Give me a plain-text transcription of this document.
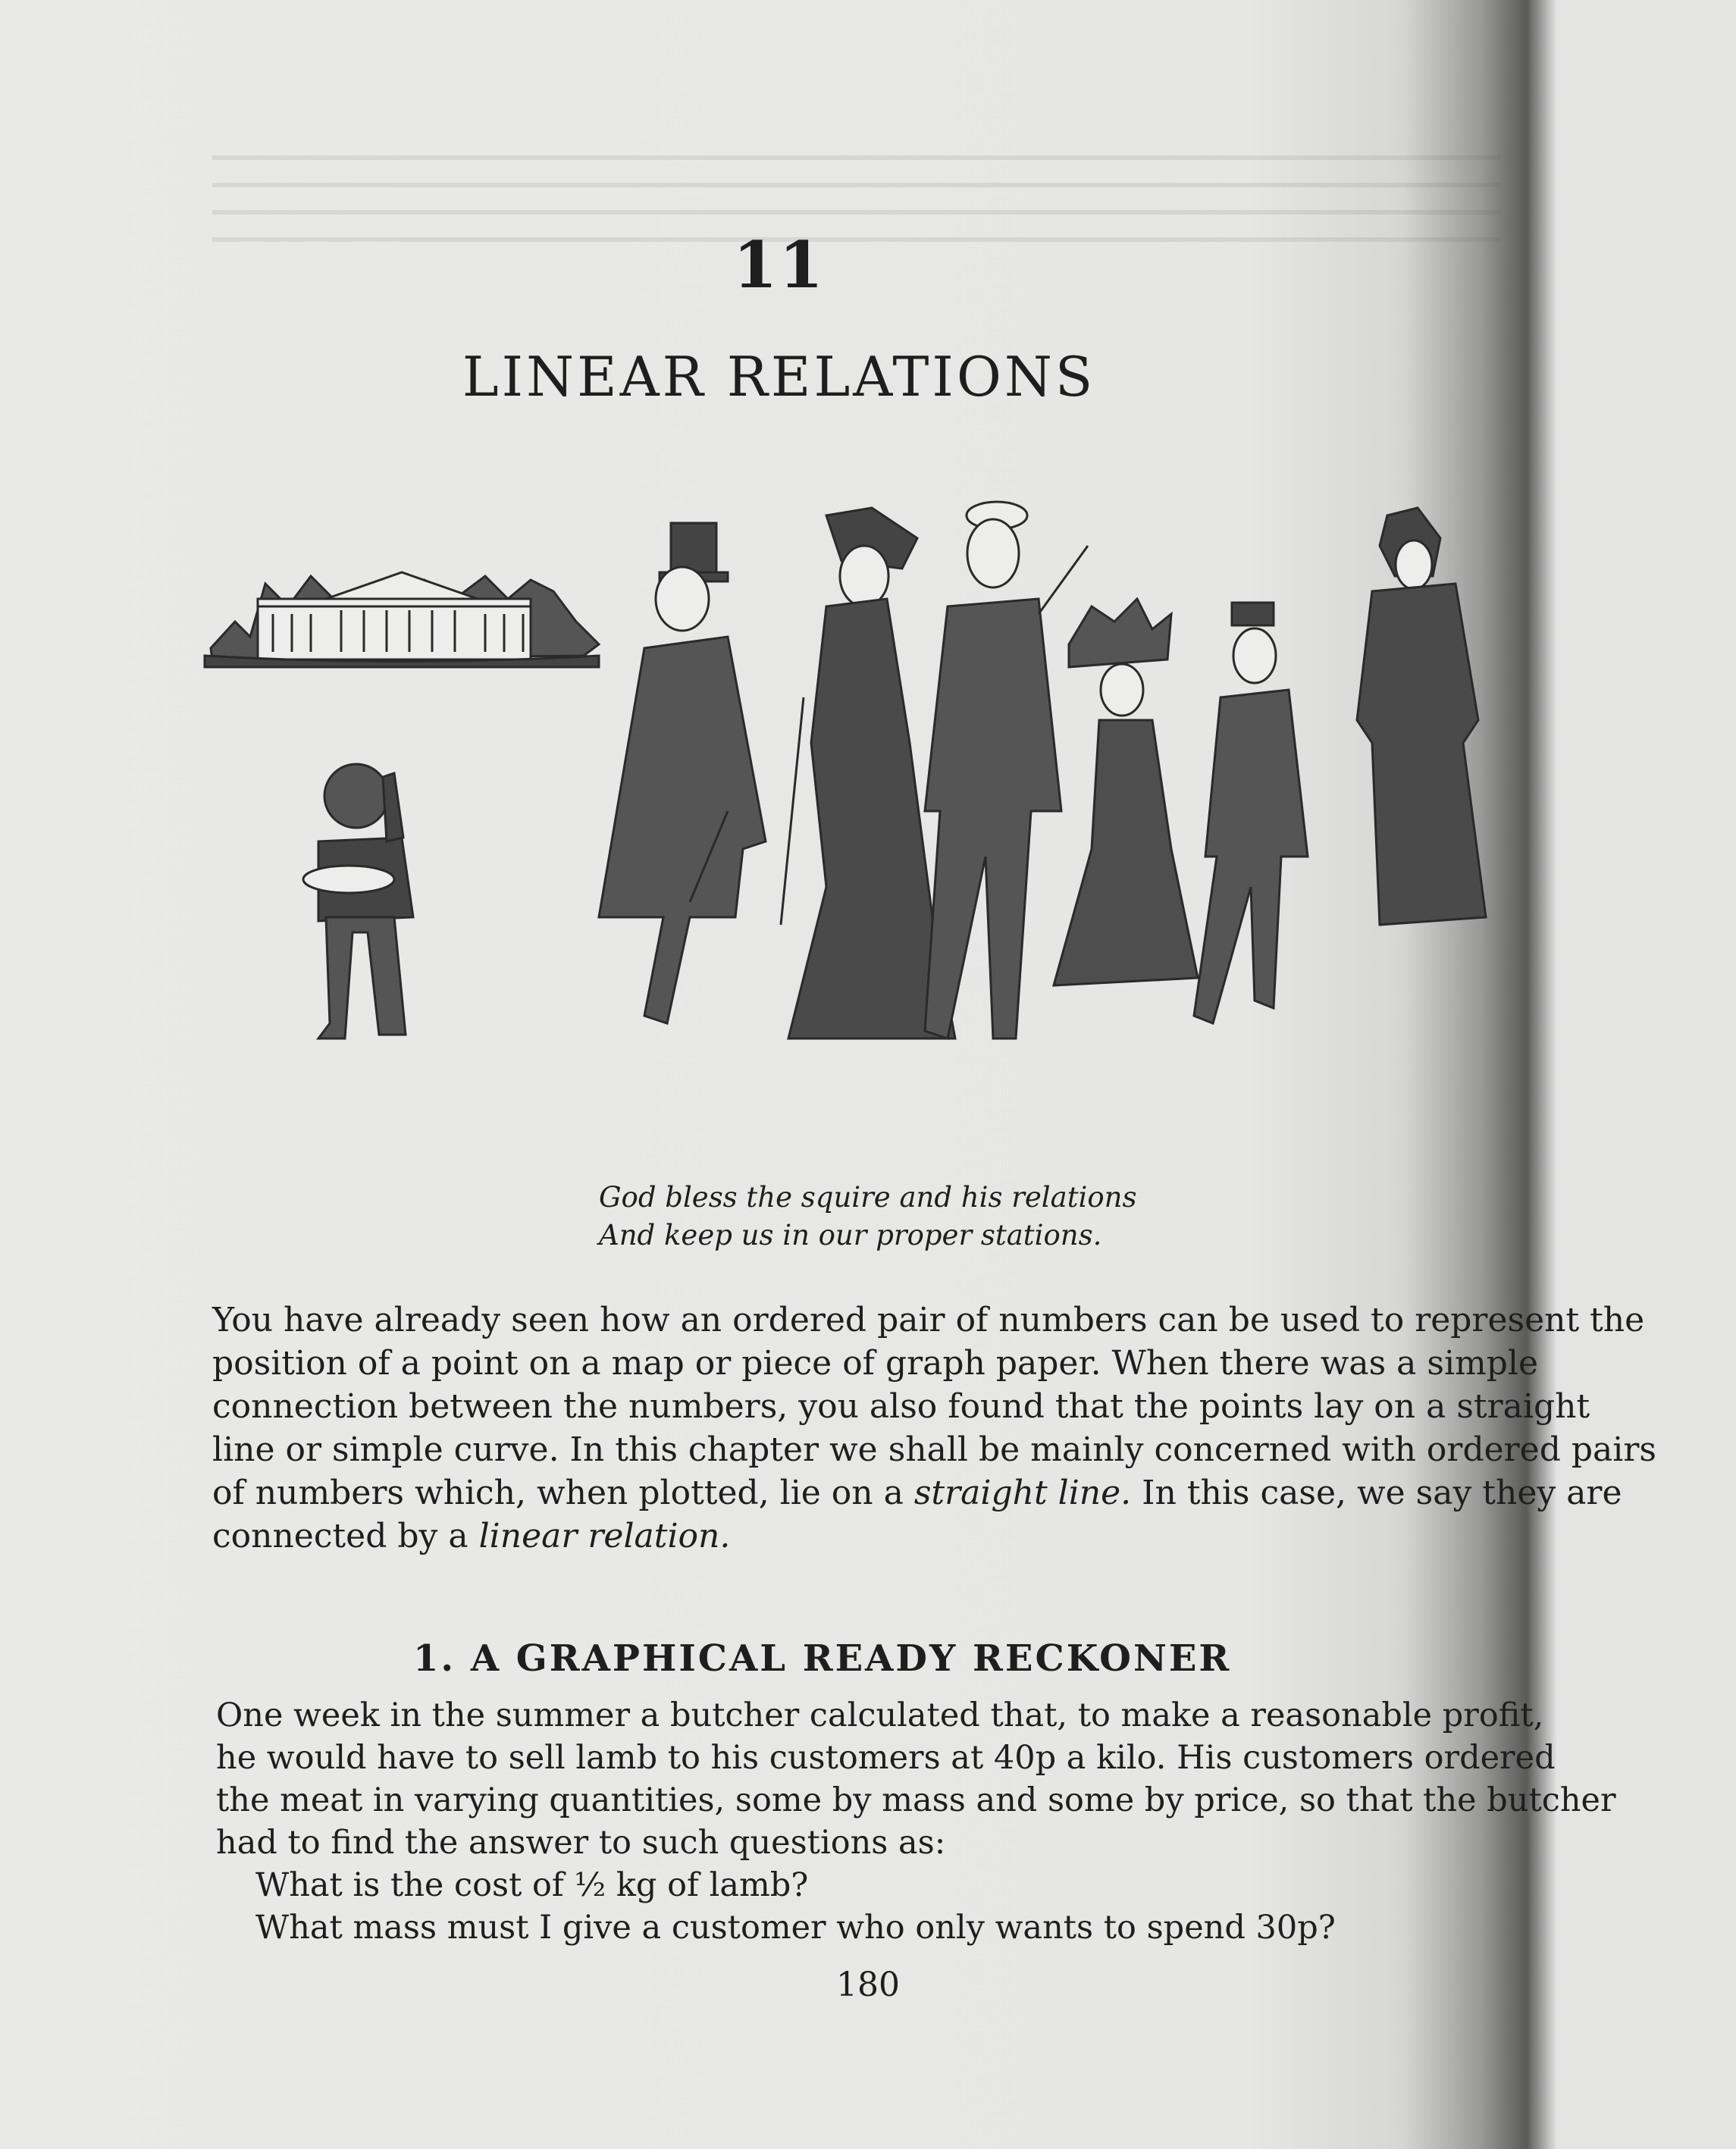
11
LINEAR RELATIONS
God bless the squire and his relations
And keep us in our proper stations.
You have already seen how an ordered pair of numbers can be used to represent the
position of a point on a map or piece of graph paper. When there was a simple
connection between the numbers, you also found that the points lay on a straight
line or simple curve. In this chapter we shall be mainly concerned with ordered pairs
of numbers which, when plotted, lie on a straight line. In this case, we say they are
connected by a linear relation.
1. A GRAPHICAL READY RECKONER
One week in the summer a butcher calculated that, to make a reasonable profit,
he would have to sell lamb to his customers at 40p a kilo. His customers ordered
the meat in varying quantities, some by mass and some by price, so that the butcher
had to find the answer to such questions as:
What is the cost of ½ kg of lamb?
What mass must I give a customer who only wants to spend 30p?
180
